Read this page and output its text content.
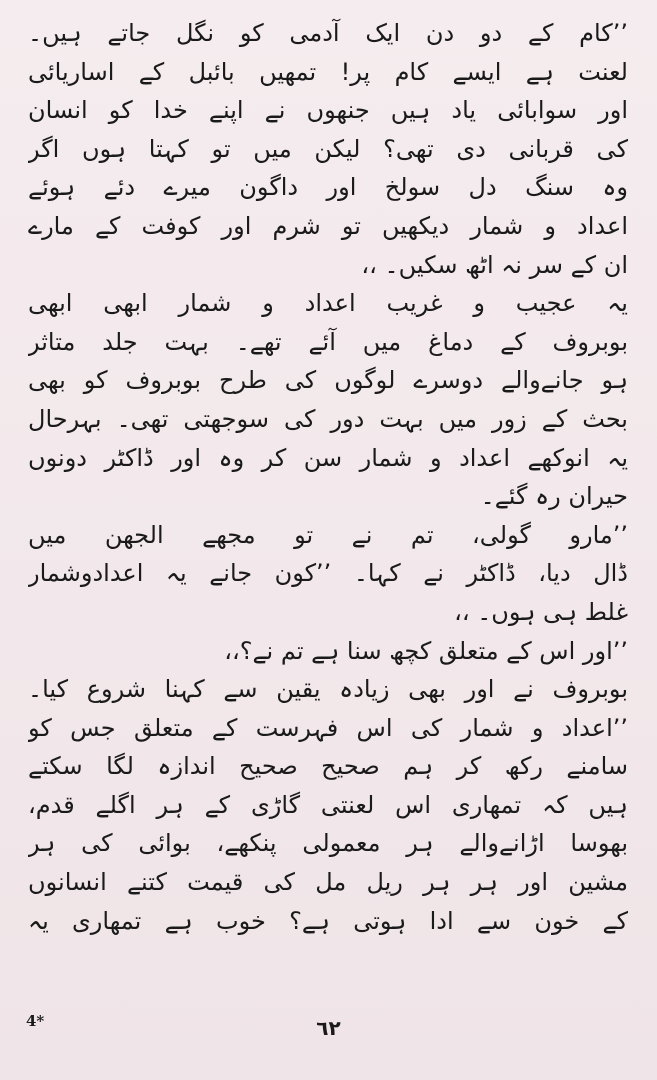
’’کام کے دو دن ایک آدمی کو نگل جاتے ہیں۔
لعنت ہے ایسے کام پر! تمھیں بائبل کے اساریائی
اور سوابائی یاد ہیں جنھوں نے اپنے خدا کو انسان
کی قربانی دی تھی؟ لیکن میں تو کہتا ہوں اگر
وہ سنگ دل سولخ اور داگون میرے دئے ہوئے
اعداد و شمار دیکھیں تو شرم اور کوفت کے مارے
ان کے سر نہ اٹھ سکیں۔ ،،
یہ عجیب و غریب اعداد و شمار ابھی ابھی
بوبروف کے دماغ میں آئے تھے۔ بہت جلد متاثر
ہو جانےوالے دوسرے لوگوں کی طرح بوبروف کو بھی
بحث کے زور میں بہت دور کی سوجھتی تھی۔ بہرحال
یہ انوکھے اعداد و شمار سن کر وہ اور ڈاکٹر دونوں
حیران رہ گئے۔
’’مارو گولی، تم نے تو مجھے الجھن میں
ڈال دیا، ڈاکٹر نے کہا۔ ’’کون جانے یہ اعدادوشمار
غلط ہی ہوں۔ ،،
’’اور اس کے متعلق کچھ سنا ہے تم نے؟،،
بوبروف نے اور بھی زیادہ یقین سے کہنا شروع کیا۔
’’اعداد و شمار کی اس فہرست کے متعلق جس کو
سامنے رکھ کر ہم صحیح صحیح اندازہ لگا سکتے
ہیں کہ تمھاری اس لعنتی گاڑی کے ہر اگلے قدم،
بھوسا اڑانےوالے ہر معمولی پنکھے، بوائی کی ہر
مشین اور ہر ہر ریل مل کی قیمت کتنے انسانوں
کے خون سے ادا ہوتی ہے؟ خوب ہے تمھاری یہ
4*	٦٢
